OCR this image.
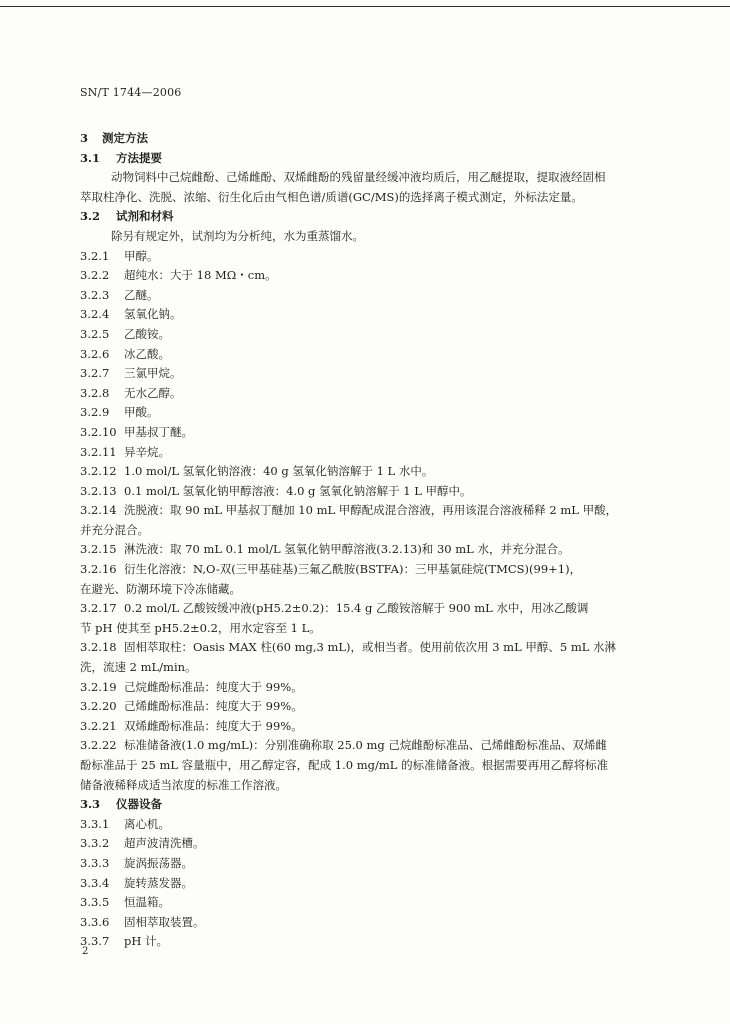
SN/T 1744—2006
3 测定方法
3.1 方法提要
动物饲料中己烷雌酚、己烯雌酚、双烯雌酚的残留量经缓冲液均质后，用乙醚提取，提取液经固相
萃取柱净化、洗脱、浓缩、衍生化后由气相色谱/质谱(GC/MS)的选择离子模式测定，外标法定量。
3.2 试剂和材料
除另有规定外，试剂均为分析纯，水为重蒸馏水。
3.2.1 甲醇。
3.2.2 超纯水：大于 18 MΩ・cm。
3.2.3 乙醚。
3.2.4 氢氧化钠。
3.2.5 乙酸铵。
3.2.6 冰乙酸。
3.2.7 三氯甲烷。
3.2.8 无水乙醇。
3.2.9 甲酸。
3.2.10 甲基叔丁醚。
3.2.11 异辛烷。
3.2.12 1.0 mol/L 氢氧化钠溶液：40 g 氢氧化钠溶解于 1 L 水中。
3.2.13 0.1 mol/L 氢氧化钠甲醇溶液：4.0 g 氢氧化钠溶解于 1 L 甲醇中。
3.2.14 洗脱液：取 90 mL 甲基叔丁醚加 10 mL 甲醇配成混合溶液，再用该混合溶液稀释 2 mL 甲酸，
并充分混合。
3.2.15 淋洗液：取 70 mL 0.1 mol/L 氢氧化钠甲醇溶液(3.2.13)和 30 mL 水，并充分混合。
3.2.16 衍生化溶液：N,O-双(三甲基硅基)三氟乙酰胺(BSTFA)：三甲基氯硅烷(TMCS)(99+1)，
在避光、防潮环境下冷冻储藏。
3.2.17 0.2 mol/L 乙酸铵缓冲液(pH5.2±0.2)：15.4 g 乙酸铵溶解于 900 mL 水中，用冰乙酸调
节 pH 使其至 pH5.2±0.2，用水定容至 1 L。
3.2.18 固相萃取柱：Oasis MAX 柱(60 mg,3 mL)，或相当者。使用前依次用 3 mL 甲醇、5 mL 水淋
洗，流速 2 mL/min。
3.2.19 己烷雌酚标准品：纯度大于 99%。
3.2.20 己烯雌酚标准品：纯度大于 99%。
3.2.21 双烯雌酚标准品：纯度大于 99%。
3.2.22 标准储备液(1.0 mg/mL)：分别准确称取 25.0 mg 己烷雌酚标准品、己烯雌酚标准品、双烯雌
酚标准品于 25 mL 容量瓶中，用乙醇定容，配成 1.0 mg/mL 的标准储备液。根据需要再用乙醇将标准
储备液稀释成适当浓度的标准工作溶液。
3.3 仪器设备
3.3.1 离心机。
3.3.2 超声波清洗槽。
3.3.3 旋涡振荡器。
3.3.4 旋转蒸发器。
3.3.5 恒温箱。
3.3.6 固相萃取装置。
3.3.7 pH 计。
2
